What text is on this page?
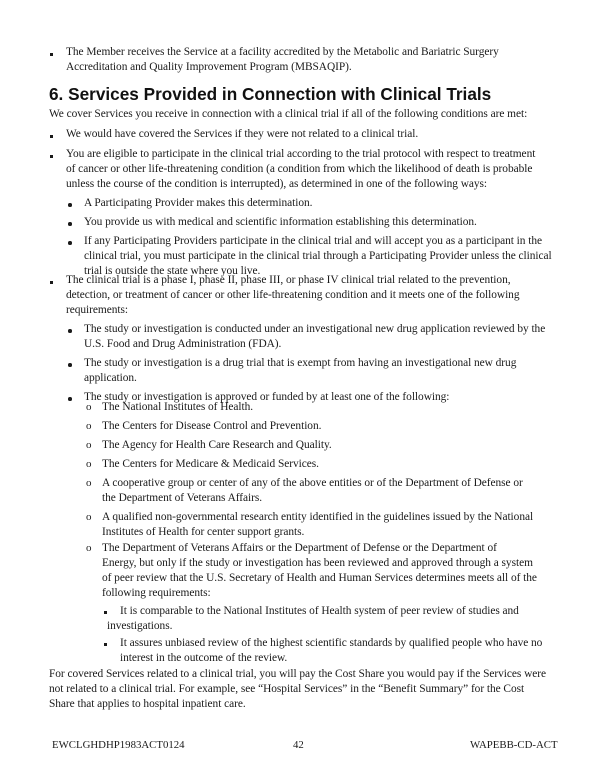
The Member receives the Service at a facility accredited by the Metabolic and Bariatric Surgery
Accreditation and Quality Improvement Program (MBSAQIP).
6. Services Provided in Connection with Clinical Trials
We cover Services you receive in connection with a clinical trial if all of the following conditions are met:
We would have covered the Services if they were not related to a clinical trial.
You are eligible to participate in the clinical trial according to the trial protocol with respect to treatment
of cancer or other life-threatening condition (a condition from which the likelihood of death is probable
unless the course of the condition is interrupted), as determined in one of the following ways:
A Participating Provider makes this determination.
You provide us with medical and scientific information establishing this determination.
If any Participating Providers participate in the clinical trial and will accept you as a participant in the
clinical trial, you must participate in the clinical trial through a Participating Provider unless the clinical
trial is outside the state where you live.
The clinical trial is a phase I, phase II, phase III, or phase IV clinical trial related to the prevention,
detection, or treatment of cancer or other life-threatening condition and it meets one of the following
requirements:
The study or investigation is conducted under an investigational new drug application reviewed by the
U.S. Food and Drug Administration (FDA).
The study or investigation is a drug trial that is exempt from having an investigational new drug
application.
The study or investigation is approved or funded by at least one of the following:
o The National Institutes of Health.
o The Centers for Disease Control and Prevention.
o The Agency for Health Care Research and Quality.
o The Centers for Medicare & Medicaid Services.
o A cooperative group or center of any of the above entities or of the Department of Defense or
the Department of Veterans Affairs.
o A qualified non-governmental research entity identified in the guidelines issued by the National
Institutes of Health for center support grants.
o The Department of Veterans Affairs or the Department of Defense or the Department of
Energy, but only if the study or investigation has been reviewed and approved through a system
of peer review that the U.S. Secretary of Health and Human Services determines meets all of the
following requirements:
It is comparable to the National Institutes of Health system of peer review of studies and
investigations.
It assures unbiased review of the highest scientific standards by qualified people who have no
interest in the outcome of the review.
For covered Services related to a clinical trial, you will pay the Cost Share you would pay if the Services were
not related to a clinical trial. For example, see “Hospital Services” in the “Benefit Summary” for the Cost
Share that applies to hospital inpatient care.
EWCLGHDHP1983ACT0124	42	WAPEBB-CD-ACT
